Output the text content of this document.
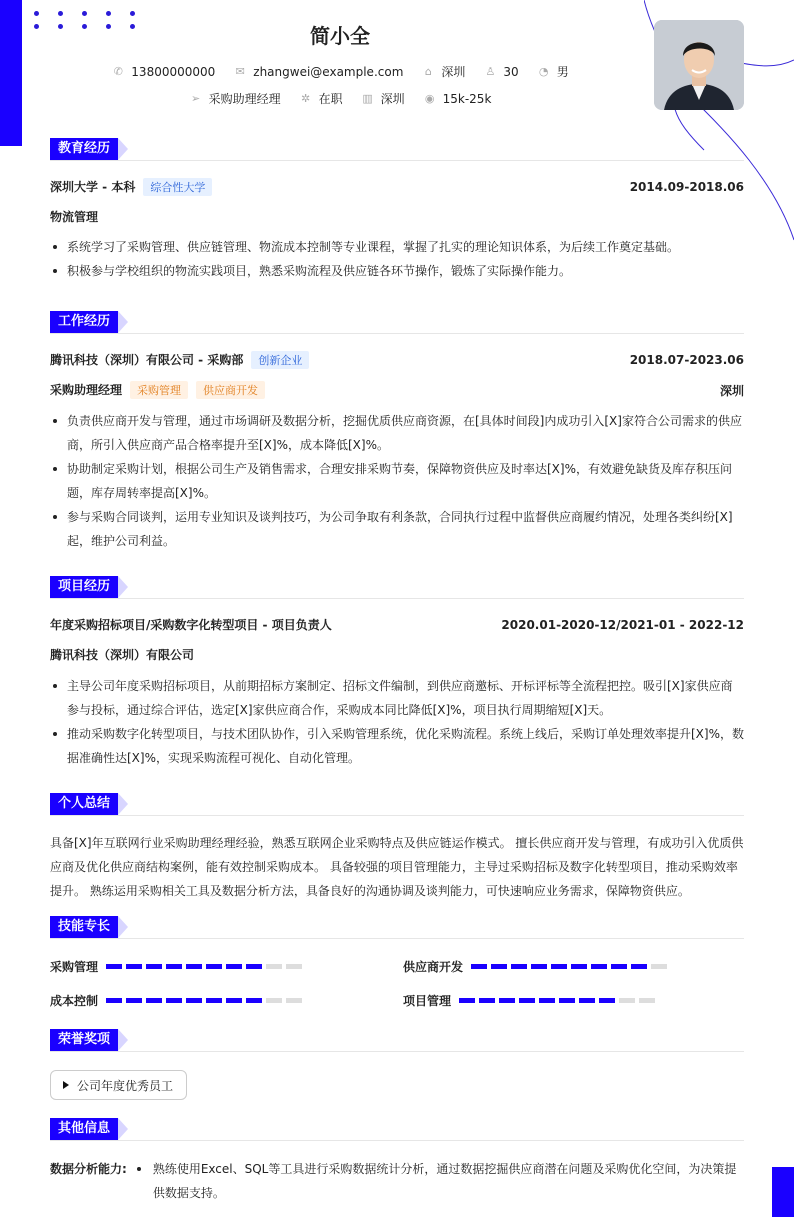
简小全
✆ 13800000000 ✉ zhangwei@example.com	⌂ 深圳 ♙ 30 ◔ 男
➢ 采购助理经理 ✲ 在职 ▥ 深圳 ◉ 15k-25k
教育经历
深圳大学 - 本科 综合性大学	2014.09-2018.06
物流管理
系统学习了采购管理、供应链管理、物流成本控制等专业课程，掌握了扎实的理论知识体系，为后续工作奠定基础。
积极参与学校组织的物流实践项目，熟悉采购流程及供应链各环节操作，锻炼了实际操作能力。
工作经历
腾讯科技（深圳）有限公司 - 采购部 创新企业	2018.07-2023.06
采购助理经理 采购管理 供应商开发	深圳
负责供应商开发与管理，通过市场调研及数据分析，挖掘优质供应商资源，在[具体时间段]内成功引入[X]家符合公司需求的供应商，所引入供应商产品合格率提升至[X]%，成本降低[X]%。
协助制定采购计划，根据公司生产及销售需求，合理安排采购节奏，保障物资供应及时率达[X]%，有效避免缺货及库存积压问题，库存周转率提高[X]%。
参与采购合同谈判，运用专业知识及谈判技巧，为公司争取有利条款，合同执行过程中监督供应商履约情况，处理各类纠纷[X]起，维护公司利益。
项目经历
年度采购招标项目/采购数字化转型项目 - 项目负责人	2020.01-2020-12/2021-01 - 2022-12
腾讯科技（深圳）有限公司
主导公司年度采购招标项目，从前期招标方案制定、招标文件编制，到供应商邀标、开标评标等全流程把控。吸引[X]家供应商参与投标，通过综合评估，选定[X]家供应商合作，采购成本同比降低[X]%，项目执行周期缩短[X]天。
推动采购数字化转型项目，与技术团队协作，引入采购管理系统，优化采购流程。系统上线后，采购订单处理效率提升[X]%，数据准确性达[X]%，实现采购流程可视化、自动化管理。
个人总结
具备[X]年互联网行业采购助理经理经验，熟悉互联网企业采购特点及供应链运作模式。 擅长供应商开发与管理，有成功引入优质供应商及优化供应商结构案例，能有效控制采购成本。 具备较强的项目管理能力，主导过采购招标及数字化转型项目，推动采购效率提升。 熟练运用采购相关工具及数据分析方法，具备良好的沟通协调及谈判能力，可快速响应业务需求，保障物资供应。
技能专长
采购管理	供应商开发
成本控制	项目管理
荣誉奖项
公司年度优秀员工
其他信息
数据分析能力:	熟练使用Excel、SQL等工具进行采购数据统计分析，通过数据挖掘供应商潜在问题及采购优化空间，为决策提供数据支持。
